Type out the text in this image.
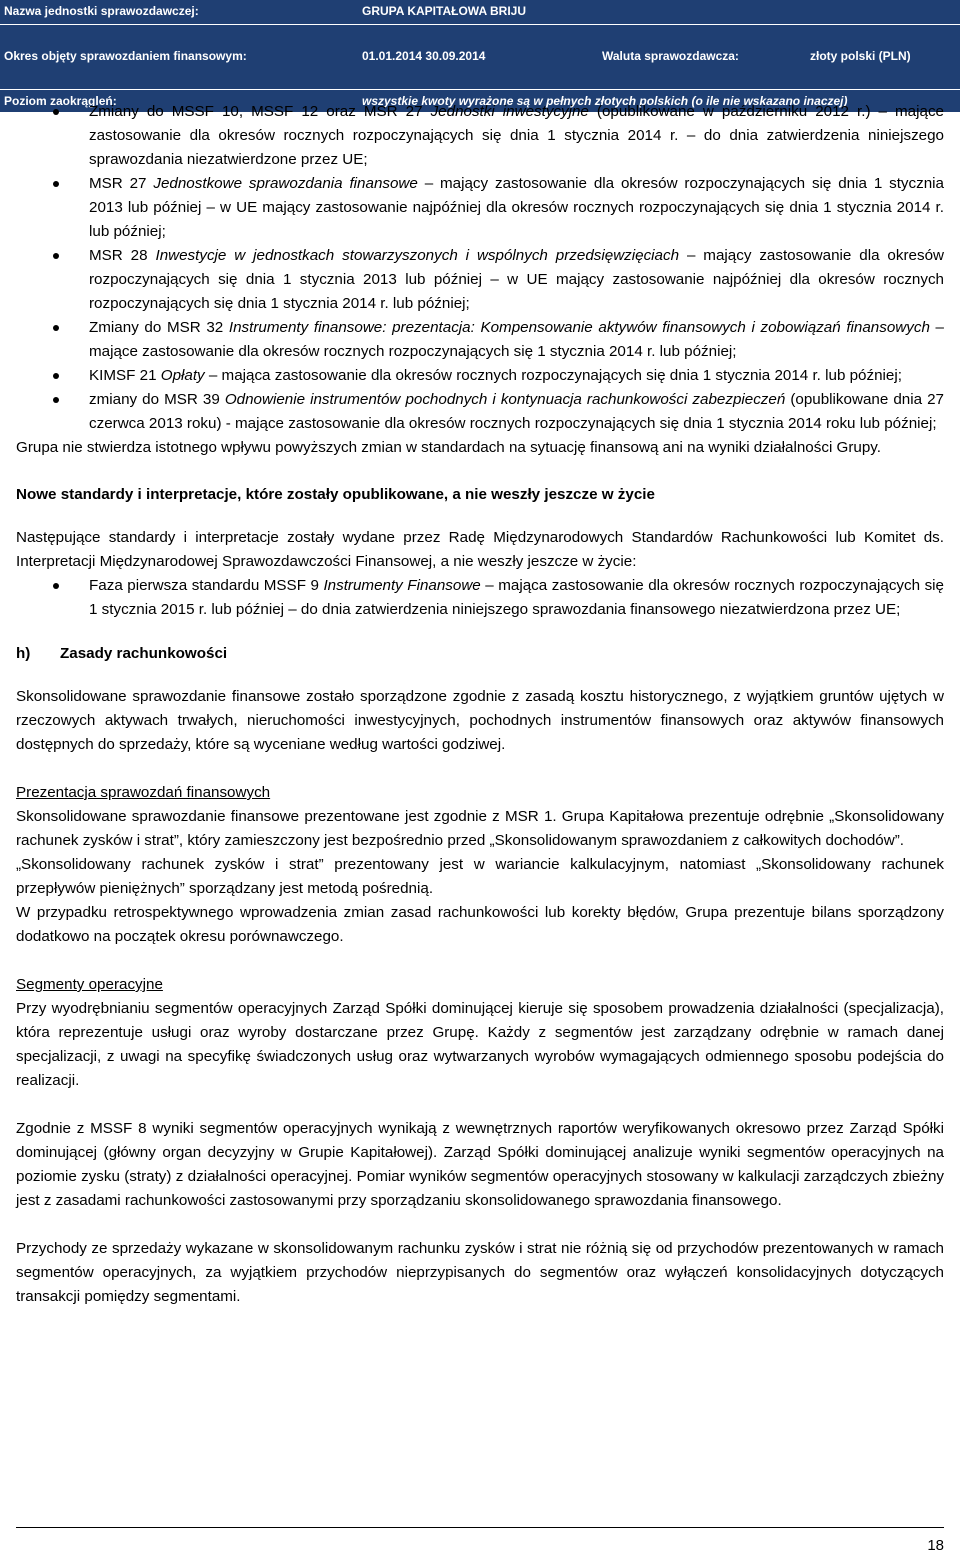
Nazwa jednostki sprawozdawczej:	GRUPA KAPITAŁOWA BRIJU
Okres objęty sprawozdaniem finansowym:	01.01.2014 30.09.2014	Waluta sprawozdawcza:	złoty polski (PLN)
Poziom zaokrągleń:	wszystkie kwoty wyrażone są w pełnych złotych polskich (o ile nie wskazano inaczej)
Zmiany do MSSF 10, MSSF 12 oraz MSR 27 Jednostki inwestycyjne (opublikowane w październiku 2012 r.) – mające zastosowanie dla okresów rocznych rozpoczynających się dnia 1 stycznia 2014 r. – do dnia zatwierdzenia niniejszego sprawozdania niezatwierdzone przez UE;
MSR 27 Jednostkowe sprawozdania finansowe – mający zastosowanie dla okresów rozpoczynających się dnia 1 stycznia 2013 lub później – w UE mający zastosowanie najpóźniej dla okresów rocznych rozpoczynających się dnia 1 stycznia 2014 r. lub później;
MSR 28 Inwestycje w jednostkach stowarzyszonych i wspólnych przedsięwzięciach – mający zastosowanie dla okresów rozpoczynających się dnia 1 stycznia 2013 lub później – w UE mający zastosowanie najpóźniej dla okresów rocznych rozpoczynających się dnia 1 stycznia 2014 r. lub później;
Zmiany do MSR 32 Instrumenty finansowe: prezentacja: Kompensowanie aktywów finansowych i zobowiązań finansowych – mające zastosowanie dla okresów rocznych rozpoczynających się 1 stycznia 2014 r. lub później;
KIMSF 21 Opłaty – mająca zastosowanie dla okresów rocznych rozpoczynających się dnia 1 stycznia 2014 r. lub później;
zmiany do MSR 39 Odnowienie instrumentów pochodnych i kontynuacja rachunkowości zabezpieczeń (opublikowane dnia 27 czerwca 2013 roku) - mające zastosowanie dla okresów rocznych rozpoczynających się dnia 1 stycznia 2014 roku lub później;

Grupa nie stwierdza istotnego wpływu powyższych zmian w standardach na sytuację finansową ani na wyniki działalności Grupy.

Nowe standardy i interpretacje, które zostały opublikowane, a nie weszły jeszcze w życie

Następujące standardy i interpretacje zostały wydane przez Radę Międzynarodowych Standardów Rachunkowości lub Komitet ds. Interpretacji Międzynarodowej Sprawozdawczości Finansowej, a nie weszły jeszcze w życie:

Faza pierwsza standardu MSSF 9 Instrumenty Finansowe – mająca zastosowanie dla okresów rocznych rozpoczynających się 1 stycznia 2015 r. lub później – do dnia zatwierdzenia niniejszego sprawozdania finansowego niezatwierdzona przez UE;
h)	Zasady rachunkowości

Skonsolidowane sprawozdanie finansowe zostało sporządzone zgodnie z zasadą kosztu historycznego, z wyjątkiem gruntów ujętych w rzeczowych aktywach trwałych, nieruchomości inwestycyjnych, pochodnych instrumentów finansowych oraz aktywów finansowych dostępnych do sprzedaży, które są wyceniane według wartości godziwej.

Prezentacja sprawozdań finansowych

Skonsolidowane sprawozdanie finansowe prezentowane jest zgodnie z MSR 1. Grupa Kapitałowa prezentuje odrębnie „Skonsolidowany rachunek zysków i strat”, który zamieszczony jest bezpośrednio przed „Skonsolidowanym sprawozdaniem z całkowitych dochodów”.

„Skonsolidowany rachunek zysków i strat” prezentowany jest w wariancie kalkulacyjnym, natomiast „Skonsolidowany rachunek przepływów pieniężnych” sporządzany jest metodą pośrednią.

W przypadku retrospektywnego wprowadzenia zmian zasad rachunkowości lub korekty błędów, Grupa prezentuje bilans sporządzony dodatkowo na początek okresu porównawczego.

Segmenty operacyjne

Przy wyodrębnianiu segmentów operacyjnych Zarząd Spółki dominującej kieruje się sposobem prowadzenia działalności (specjalizacja), która reprezentuje usługi oraz wyroby dostarczane przez Grupę. Każdy z segmentów jest zarządzany odrębnie w ramach danej specjalizacji, z uwagi na specyfikę świadczonych usług oraz wytwarzanych wyrobów wymagających odmiennego sposobu podejścia do realizacji.

Zgodnie z MSSF 8 wyniki segmentów operacyjnych wynikają z wewnętrznych raportów weryfikowanych okresowo przez Zarząd Spółki dominującej (główny organ decyzyjny w Grupie Kapitałowej). Zarząd Spółki dominującej analizuje wyniki segmentów operacyjnych na poziomie zysku (straty) z działalności operacyjnej. Pomiar wyników segmentów operacyjnych stosowany w kalkulacji zarządczych zbieżny jest z zasadami rachunkowości zastosowanymi przy sporządzaniu skonsolidowanego sprawozdania finansowego.

Przychody ze sprzedaży wykazane w skonsolidowanym rachunku zysków i strat nie różnią się od przychodów prezentowanych w ramach segmentów operacyjnych, za wyjątkiem przychodów nieprzypisanych do segmentów oraz wyłączeń konsolidacyjnych dotyczących transakcji pomiędzy segmentami.

18
